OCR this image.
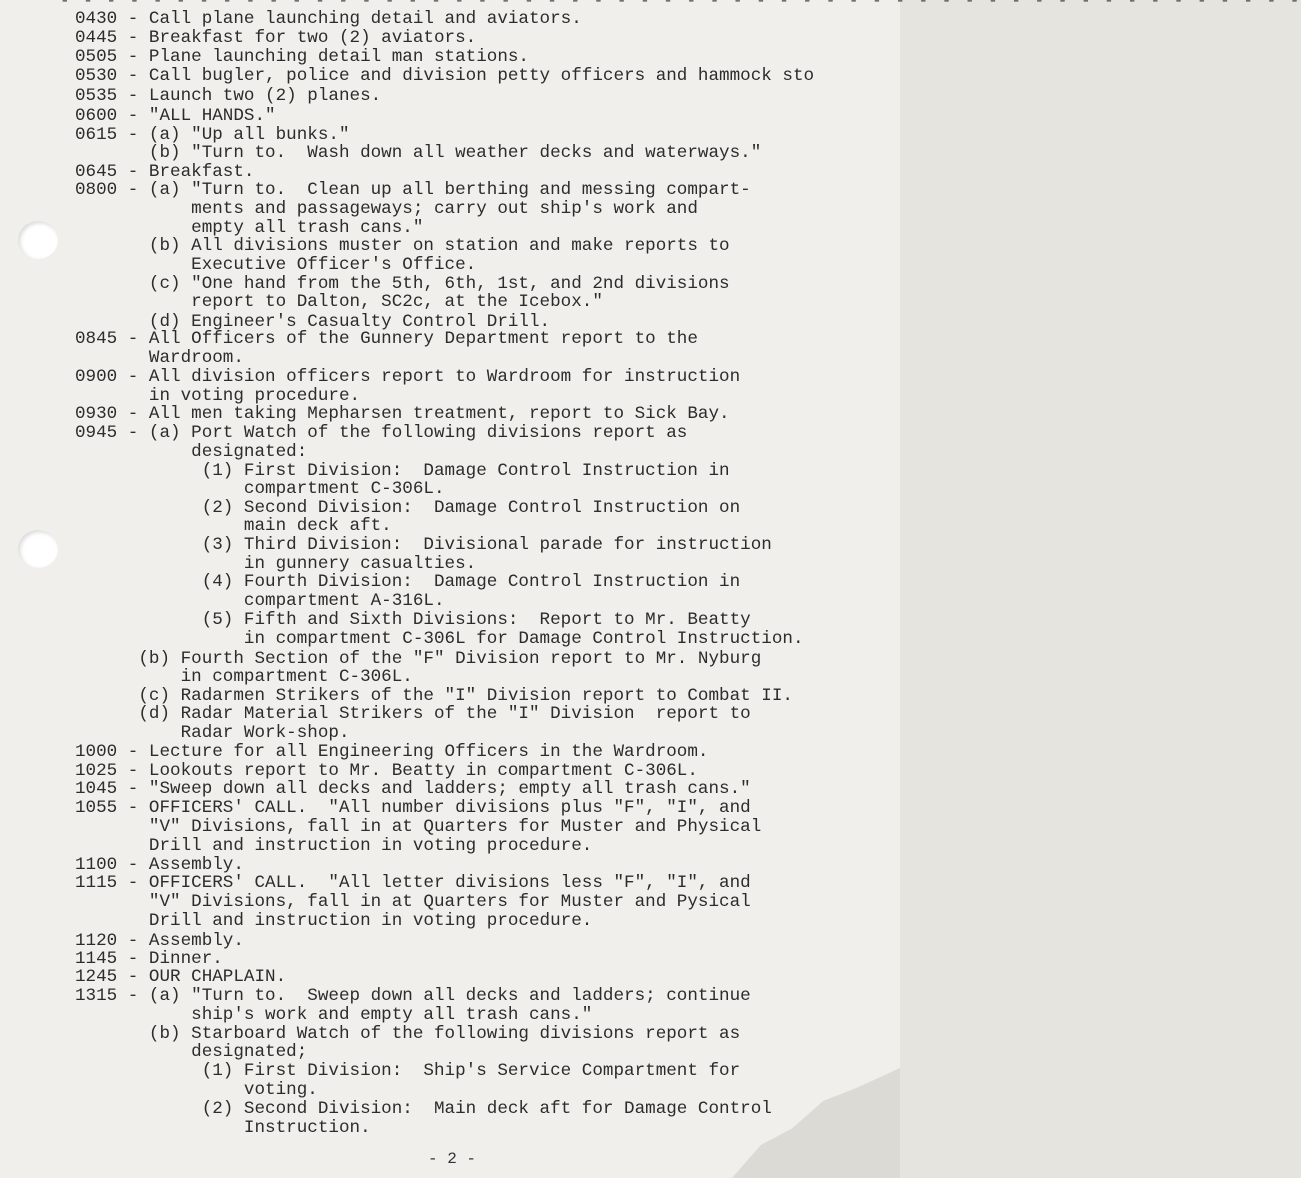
- - - - - - - - - - - - - - - - - - - - - - - - - - - - - - - - - - - - - - - - - - - - - - - - - - - - - -
0430 - Call plane launching detail and aviators.
0445 - Breakfast for two (2) aviators.
0505 - Plane launching detail man stations.
0530 - Call bugler, police and division petty officers and hammock sto
0535 - Launch two (2) planes.
0600 - "ALL HANDS."
0615 - (a) "Up all bunks."
(b) "Turn to.  Wash down all weather decks and waterways."
0645 - Breakfast.
0800 - (a) "Turn to.  Clean up all berthing and messing compart-
ments and passageways; carry out ship's work and
empty all trash cans."
(b) All divisions muster on station and make reports to
Executive Officer's Office.
(c) "One hand from the 5th, 6th, 1st, and 2nd divisions
report to Dalton, SC2c, at the Icebox."
(d) Engineer's Casualty Control Drill.
0845 - All Officers of the Gunnery Department report to the
Wardroom.
0900 - All division officers report to Wardroom for instruction
in voting procedure.
0930 - All men taking Mepharsen treatment, report to Sick Bay.
0945 - (a) Port Watch of the following divisions report as
designated:
(1) First Division:  Damage Control Instruction in
compartment C-306L.
(2) Second Division:  Damage Control Instruction on
main deck aft.
(3) Third Division:  Divisional parade for instruction
in gunnery casualties.
(4) Fourth Division:  Damage Control Instruction in
compartment A-316L.
(5) Fifth and Sixth Divisions:  Report to Mr. Beatty
in compartment C-306L for Damage Control Instruction.
(b) Fourth Section of the "F" Division report to Mr. Nyburg
in compartment C-306L.
(c) Radarmen Strikers of the "I" Division report to Combat II.
(d) Radar Material Strikers of the "I" Division  report to
Radar Work-shop.
1000 - Lecture for all Engineering Officers in the Wardroom.
1025 - Lookouts report to Mr. Beatty in compartment C-306L.
1045 - "Sweep down all decks and ladders; empty all trash cans."
1055 - OFFICERS' CALL.  "All number divisions plus "F", "I", and
"V" Divisions, fall in at Quarters for Muster and Physical
Drill and instruction in voting procedure.
1100 - Assembly.
1115 - OFFICERS' CALL.  "All letter divisions less "F", "I", and
"V" Divisions, fall in at Quarters for Muster and Pysical
Drill and instruction in voting procedure.
1120 - Assembly.
1145 - Dinner.
1245 - OUR CHAPLAIN.
1315 - (a) "Turn to.  Sweep down all decks and ladders; continue
ship's work and empty all trash cans."
(b) Starboard Watch of the following divisions report as
designated;
(1) First Division:  Ship's Service Compartment for
voting.
(2) Second Division:  Main deck aft for Damage Control
Instruction.
- 2 -
